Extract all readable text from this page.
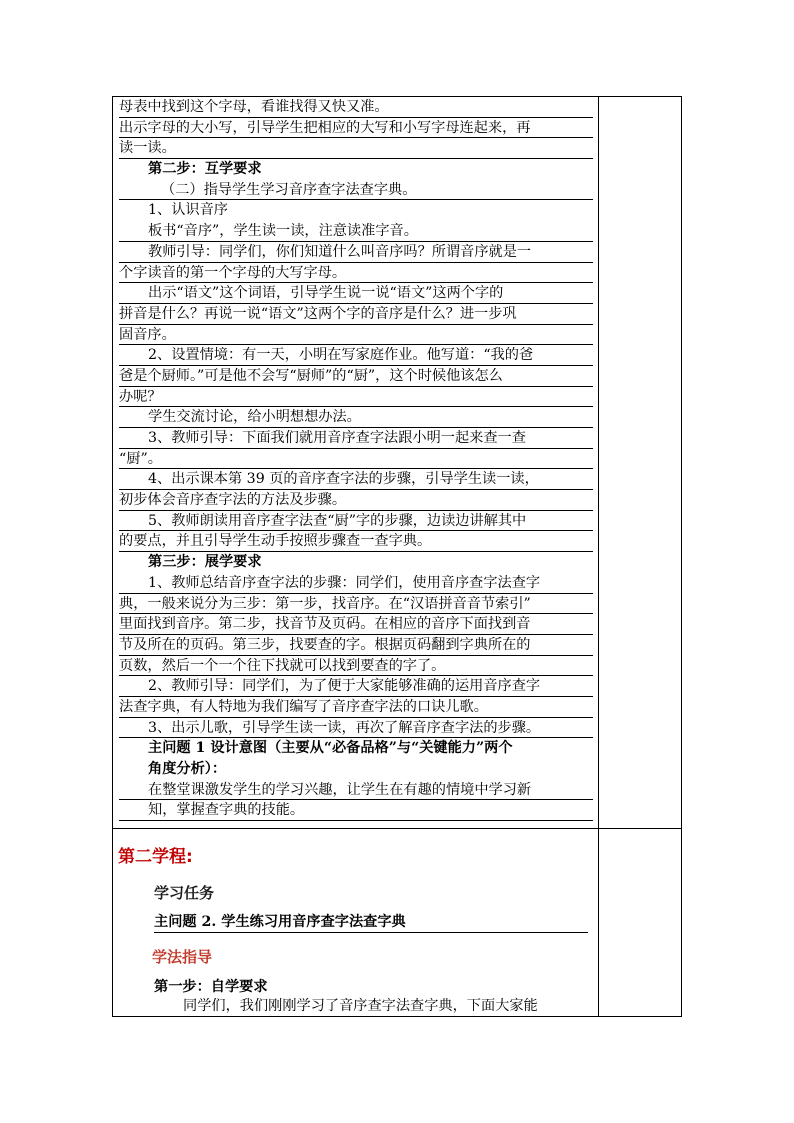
母表中找到这个字母，看谁找得又快又准。
出示字母的大小写，引导学生把相应的大写和小写字母连起来，再
读一读。
第二步：互学要求
（二）指导学生学习音序查字法查字典。
1、认识音序
板书“音序”，学生读一读，注意读准字音。
教师引导：同学们，你们知道什么叫音序吗？所谓音序就是一
个字读音的第一个字母的大写字母。
出示“语文”这个词语，引导学生说一说“语文”这两个字的
拼音是什么？再说一说“语文”这两个字的音序是什么？进一步巩
固音序。
2、设置情境：有一天，小明在写家庭作业。他写道：“我的爸
爸是个厨师。”可是他不会写“厨师”的“厨”，这个时候他该怎么
办呢？
学生交流讨论，给小明想想办法。
3、教师引导：下面我们就用音序查字法跟小明一起来查一查
“厨”。
4、出示课本第 39 页的音序查字法的步骤，引导学生读一读，
初步体会音序查字法的方法及步骤。
5、教师朗读用音序查字法查“厨”字的步骤，边读边讲解其中
的要点，并且引导学生动手按照步骤查一查字典。
第三步：展学要求
1、教师总结音序查字法的步骤：同学们，使用音序查字法查字
典，一般来说分为三步：第一步，找音序。在“汉语拼音音节索引”
里面找到音序。第二步，找音节及页码。在相应的音序下面找到音
节及所在的页码。第三步，找要查的字。根据页码翻到字典所在的
页数，然后一个一个往下找就可以找到要查的字了。
2、教师引导：同学们，为了便于大家能够准确的运用音序查字
法查字典，有人特地为我们编写了音序查字法的口诀儿歌。
3、出示儿歌，引导学生读一读，再次了解音序查字法的步骤。
主问题 1 设计意图（主要从“必备品格”与“关键能力”两个
角度分析）：
在整堂课激发学生的学习兴趣，让学生在有趣的情境中学习新
知，掌握查字典的技能。
第二学程:
学习任务
主问题 2. 学生练习用音序查字法查字典
学法指导
第一步：自学要求
同学们，我们刚刚学习了音序查字法查字典，下面大家能
